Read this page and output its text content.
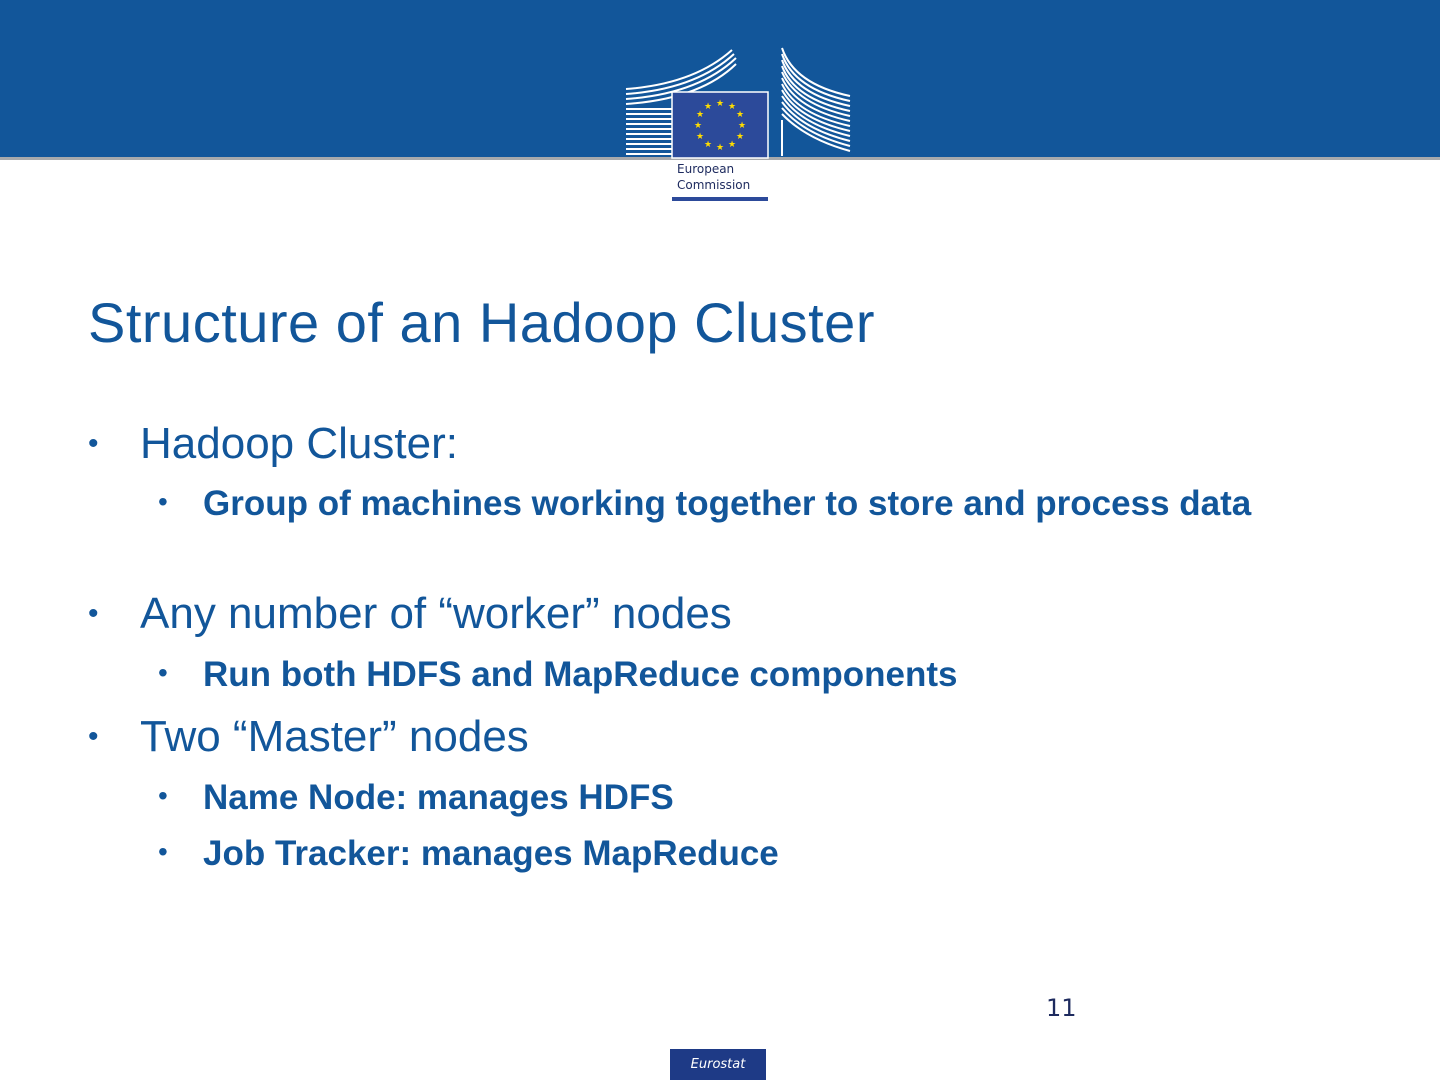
★ ★
★
★
★
★
★
★
★
★
★
★
European
Commission
Structure of an Hadoop Cluster
• Hadoop Cluster:
• Group of machines working together to store and process data
• Any number of “worker” nodes
• Run both HDFS and MapReduce components
• Two “Master” nodes
• Name Node: manages HDFS
• Job Tracker: manages MapReduce
11
Eurostat
